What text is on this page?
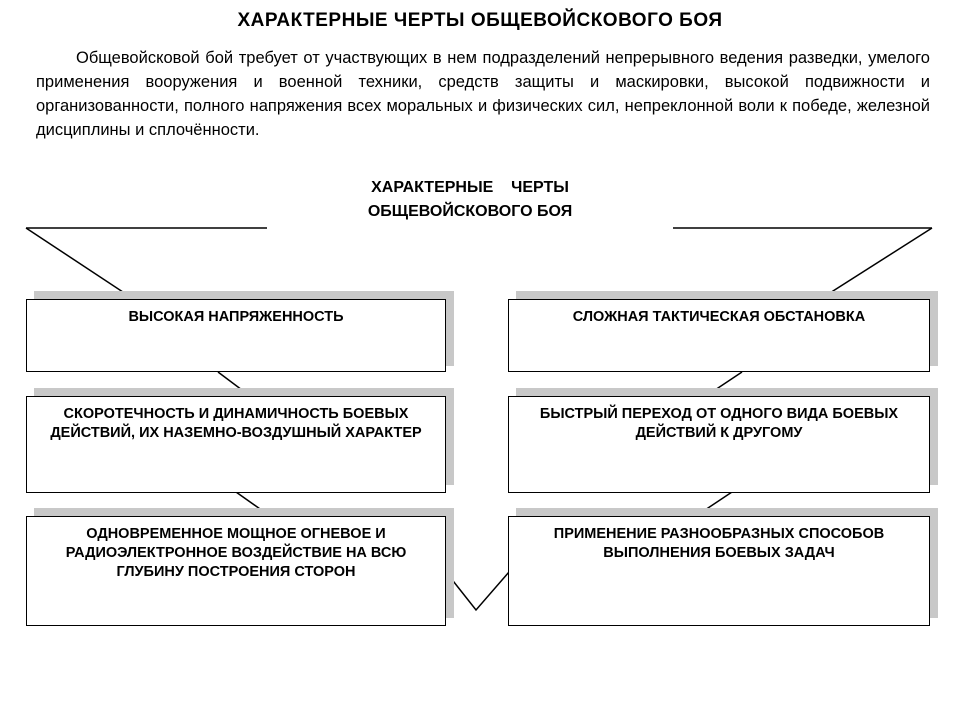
ХАРАКТЕРНЫЕ ЧЕРТЫ ОБЩЕВОЙСКОВОГО БОЯ
Общевойсковой бой требует от участвующих в нем подразделений непрерывного ведения разведки, умелого применения вооружения и военной техники, средств защиты и маскировки, высокой подвижности и организованности, полного напряжения всех моральных и физических сил, непреклонной воли к победе, железной дисциплины и сплочённости.
ХАРАКТЕРНЫЕ    ЧЕРТЫ
ОБЩЕВОЙСКОВОГО БОЯ
ВЫСОКАЯ НАПРЯЖЕННОСТЬ
СКОРОТЕЧНОСТЬ И ДИНАМИЧНОСТЬ БОЕВЫХ ДЕЙСТВИЙ, ИХ НАЗЕМНО-ВОЗДУШНЫЙ ХАРАКТЕР
ОДНОВРЕМЕННОЕ МОЩНОЕ ОГНЕВОЕ И РАДИОЭЛЕКТРОННОЕ ВОЗДЕЙСТВИЕ НА ВСЮ ГЛУБИНУ ПОСТРОЕНИЯ СТОРОН
СЛОЖНАЯ ТАКТИЧЕСКАЯ ОБСТАНОВКА
БЫСТРЫЙ ПЕРЕХОД ОТ ОДНОГО ВИДА БОЕВЫХ ДЕЙСТВИЙ К ДРУГОМУ
ПРИМЕНЕНИЕ РАЗНООБРАЗНЫХ СПОСОБОВ ВЫПОЛНЕНИЯ БОЕВЫХ ЗАДАЧ
